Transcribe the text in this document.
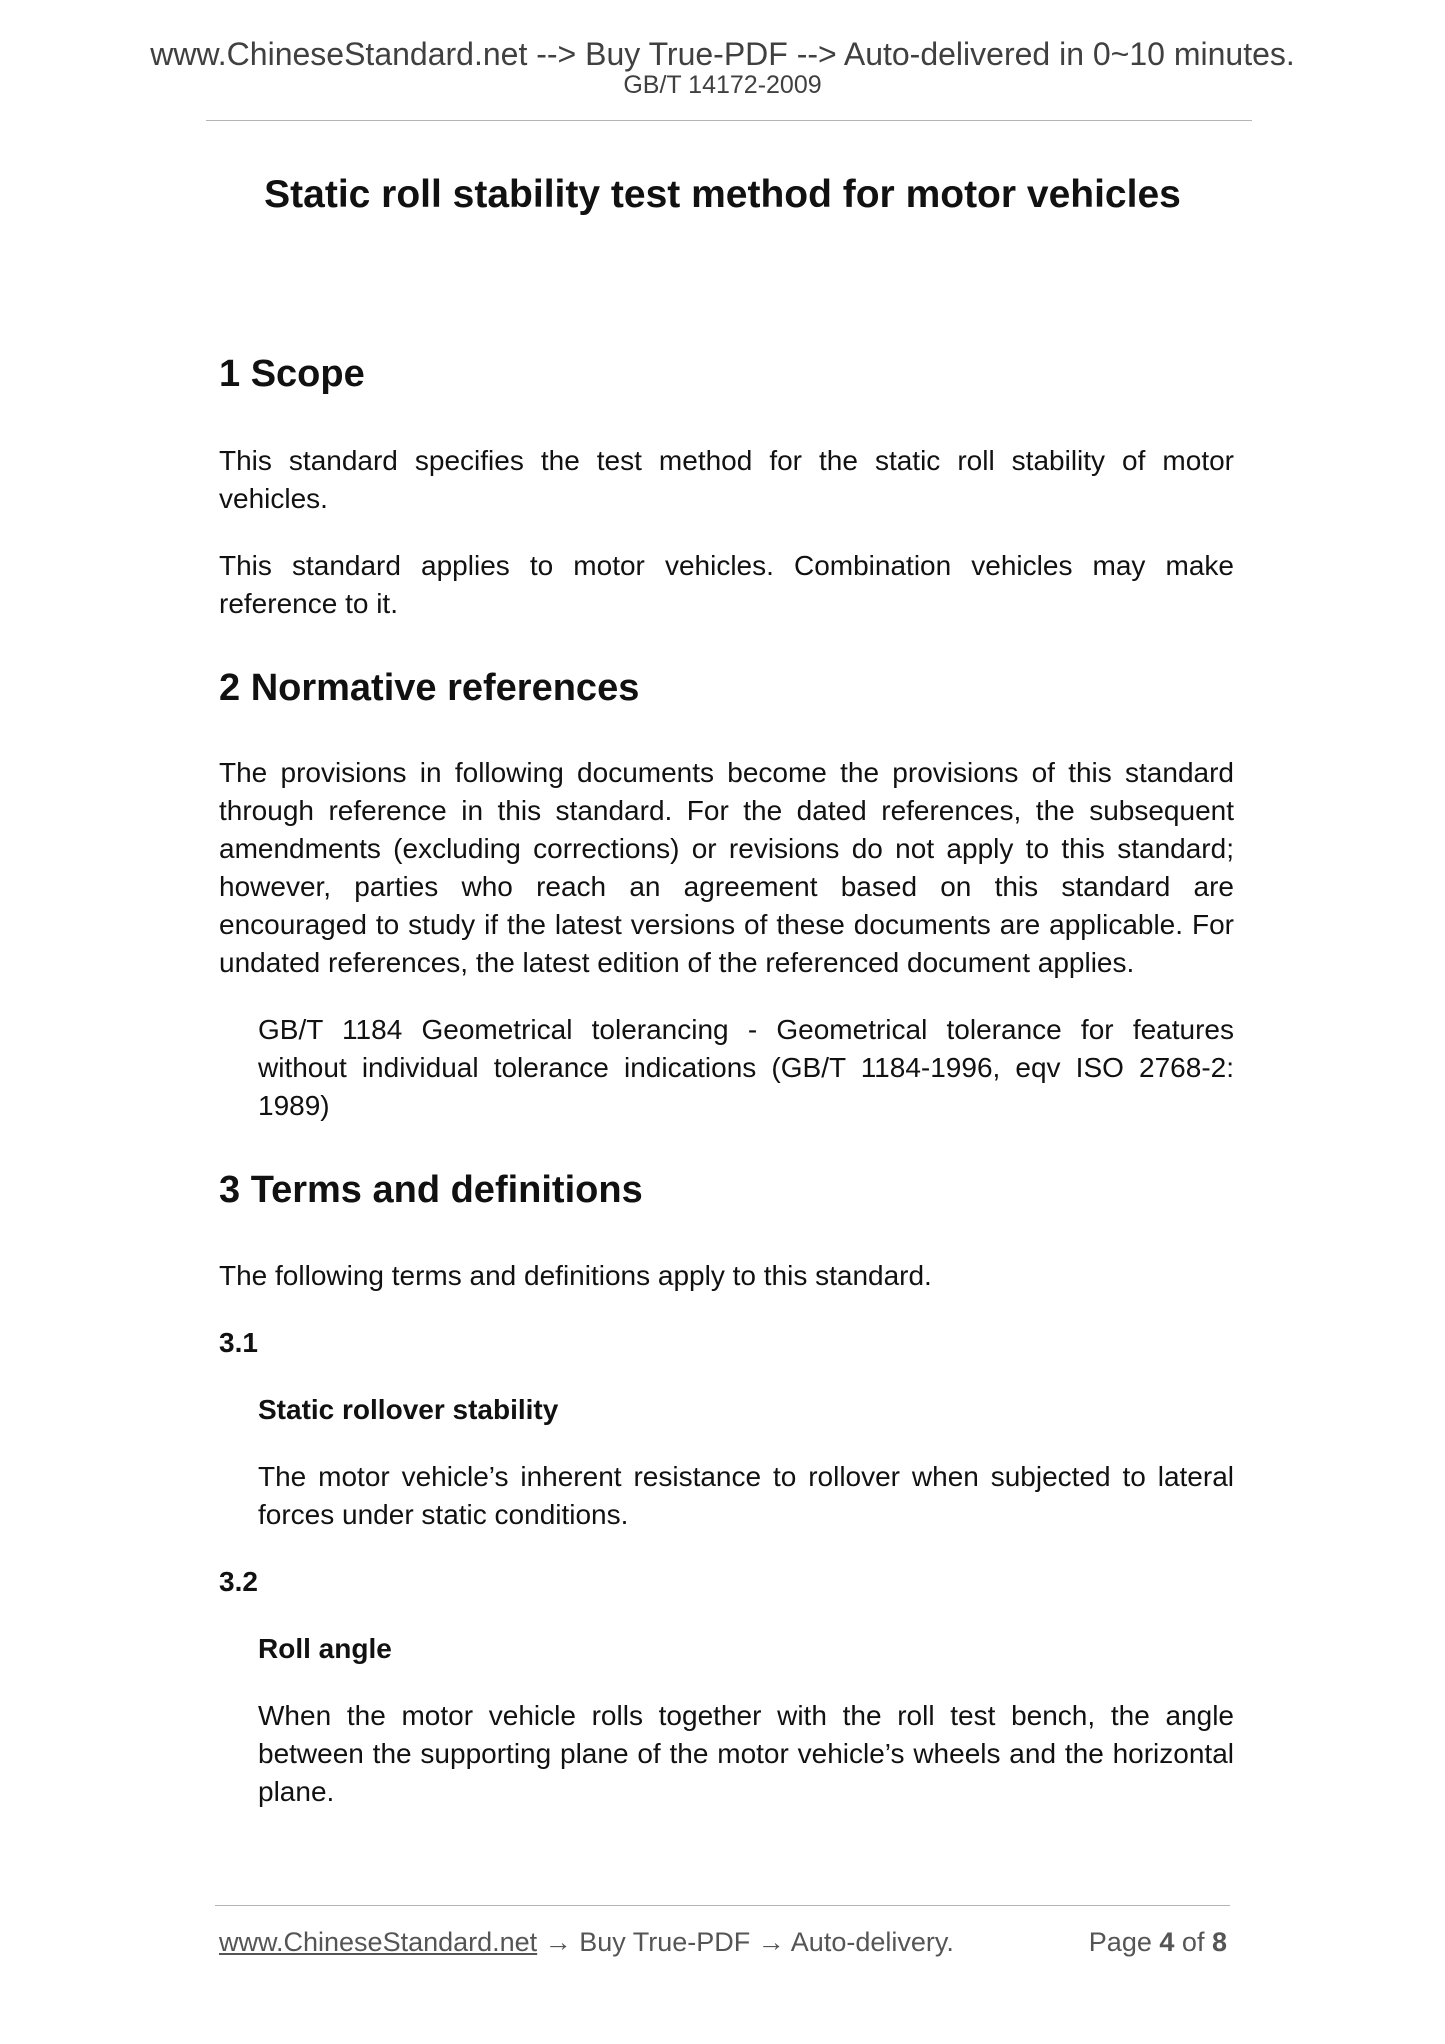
www.ChineseStandard.net --> Buy True-PDF --> Auto-delivered in 0~10 minutes.
GB/T 14172-2009
Static roll stability test method for motor vehicles
1 Scope

This standard specifies the test method for the static roll stability of motor vehicles.

This standard applies to motor vehicles. Combination vehicles may make reference to it.

2 Normative references

The provisions in following documents become the provisions of this standard through reference in this standard. For the dated references, the subsequent amendments (excluding corrections) or revisions do not apply to this standard; however, parties who reach an agreement based on this standard are encouraged to study if the latest versions of these documents are applicable. For undated references, the latest edition of the referenced document applies.

GB/T 1184 Geometrical tolerancing - Geometrical tolerance for features without individual tolerance indications (GB/T 1184-1996, eqv ISO 2768-2: 1989)

3 Terms and definitions

The following terms and definitions apply to this standard.

3.1

Static rollover stability

The motor vehicle’s inherent resistance to rollover when subjected to lateral forces under static conditions.

3.2

Roll angle

When the motor vehicle rolls together with the roll test bench, the angle between the supporting plane of the motor vehicle’s wheels and the horizontal plane.

www.ChineseStandard.net → Buy True-PDF → Auto-delivery.	Page 4 of 8
